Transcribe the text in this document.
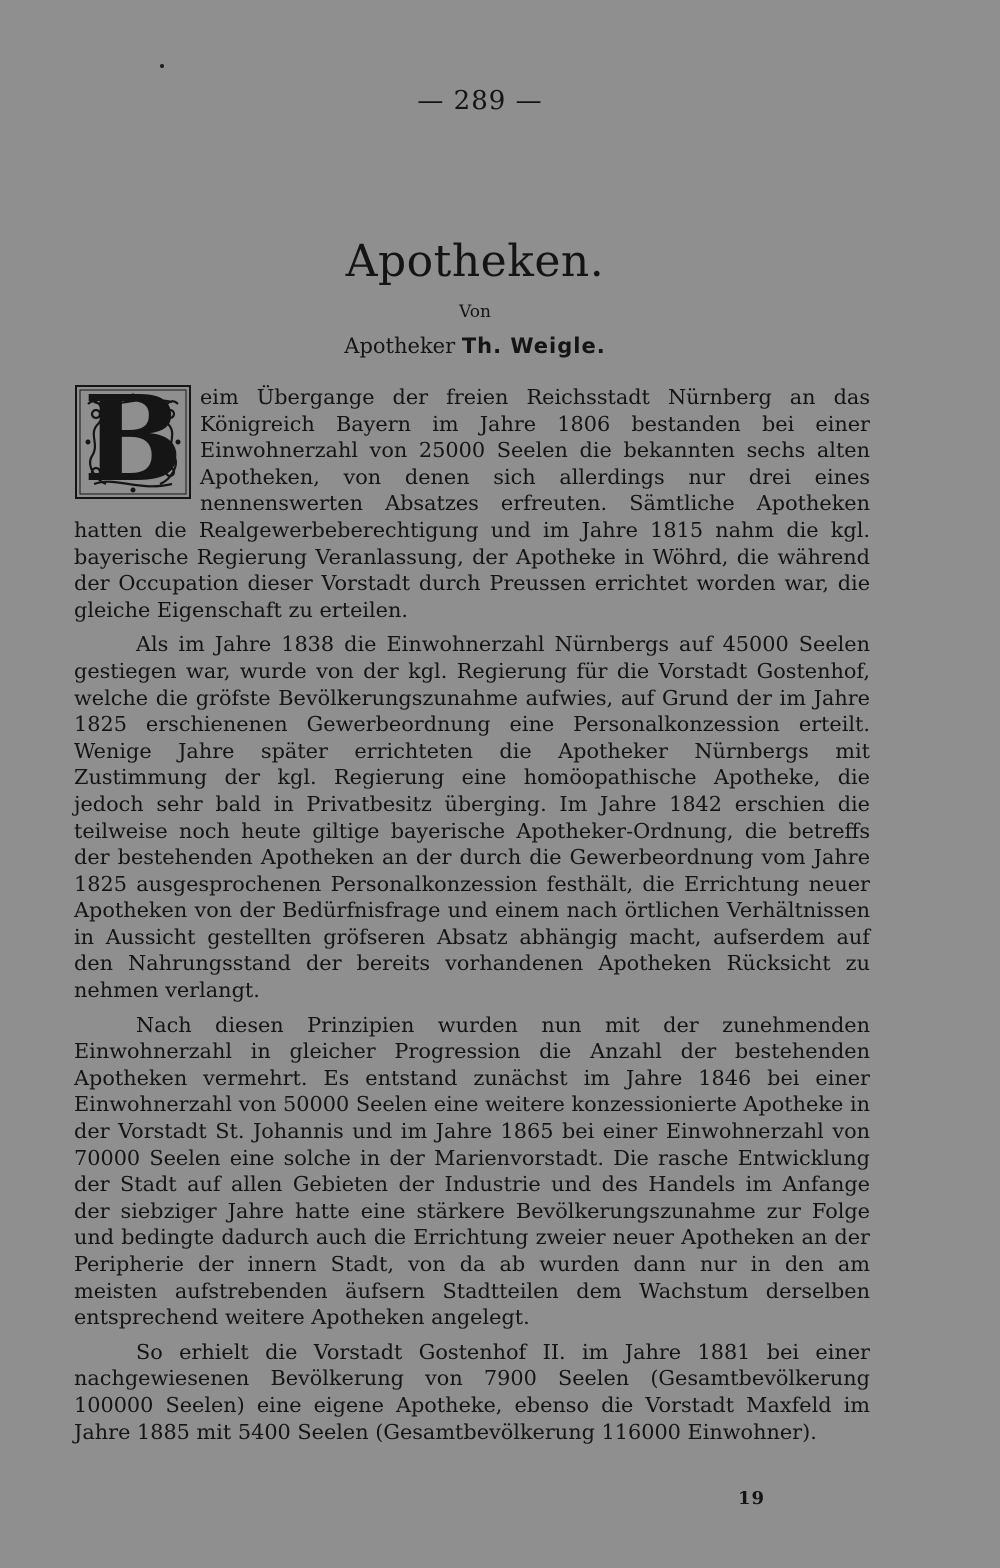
— 289 —
Apotheken.
Von
Apotheker Th. Weigle.

B eim Übergange der freien Reichsstadt Nürnberg an das Königreich Bayern im Jahre 1806 bestanden bei einer Einwohnerzahl von 25000 Seelen die bekannten sechs alten Apotheken, von denen sich allerdings nur drei eines nennenswerten Absatzes erfreuten. Sämtliche Apotheken hatten die Realgewerbeberechtigung und im Jahre 1815 nahm die kgl. bayerische Regierung Veranlassung, der Apotheke in Wöhrd, die während der Occupation dieser Vorstadt durch Preussen errichtet worden war, die gleiche Eigenschaft zu erteilen.

Als im Jahre 1838 die Einwohnerzahl Nürnbergs auf 45000 Seelen gestiegen war, wurde von der kgl. Regierung für die Vorstadt Gostenhof, welche die gröfste Bevölkerungszunahme aufwies, auf Grund der im Jahre 1825 erschienenen Gewerbeordnung eine Personalkonzession erteilt. Wenige Jahre später errichteten die Apotheker Nürnbergs mit Zustimmung der kgl. Regierung eine homöopathische Apotheke, die jedoch sehr bald in Privatbesitz überging. Im Jahre 1842 erschien die teilweise noch heute giltige bayerische Apotheker-Ordnung, die betreffs der bestehenden Apotheken an der durch die Gewerbeordnung vom Jahre 1825 ausgesprochenen Personalkonzession festhält, die Errichtung neuer Apotheken von der Bedürfnisfrage und einem nach örtlichen Verhältnissen in Aussicht gestellten gröfseren Absatz abhängig macht, aufserdem auf den Nahrungsstand der bereits vorhandenen Apotheken Rücksicht zu nehmen verlangt.

Nach diesen Prinzipien wurden nun mit der zunehmenden Einwohnerzahl in gleicher Progression die Anzahl der bestehenden Apotheken vermehrt. Es entstand zunächst im Jahre 1846 bei einer Einwohnerzahl von 50000 Seelen eine weitere konzessionierte Apotheke in der Vorstadt St. Johannis und im Jahre 1865 bei einer Einwohnerzahl von 70000 Seelen eine solche in der Marienvorstadt. Die rasche Entwicklung der Stadt auf allen Gebieten der Industrie und des Handels im Anfange der siebziger Jahre hatte eine stärkere Bevölkerungszunahme zur Folge und bedingte dadurch auch die Errichtung zweier neuer Apotheken an der Peripherie der innern Stadt, von da ab wurden dann nur in den am meisten aufstrebenden äufsern Stadtteilen dem Wachstum derselben entsprechend weitere Apotheken angelegt.

So erhielt die Vorstadt Gostenhof II. im Jahre 1881 bei einer nachgewiesenen Bevölkerung von 7900 Seelen (Gesamtbevölkerung 100000 Seelen) eine eigene Apotheke, ebenso die Vorstadt Maxfeld im Jahre 1885 mit 5400 Seelen (Gesamtbevölkerung 116000 Einwohner).

19
